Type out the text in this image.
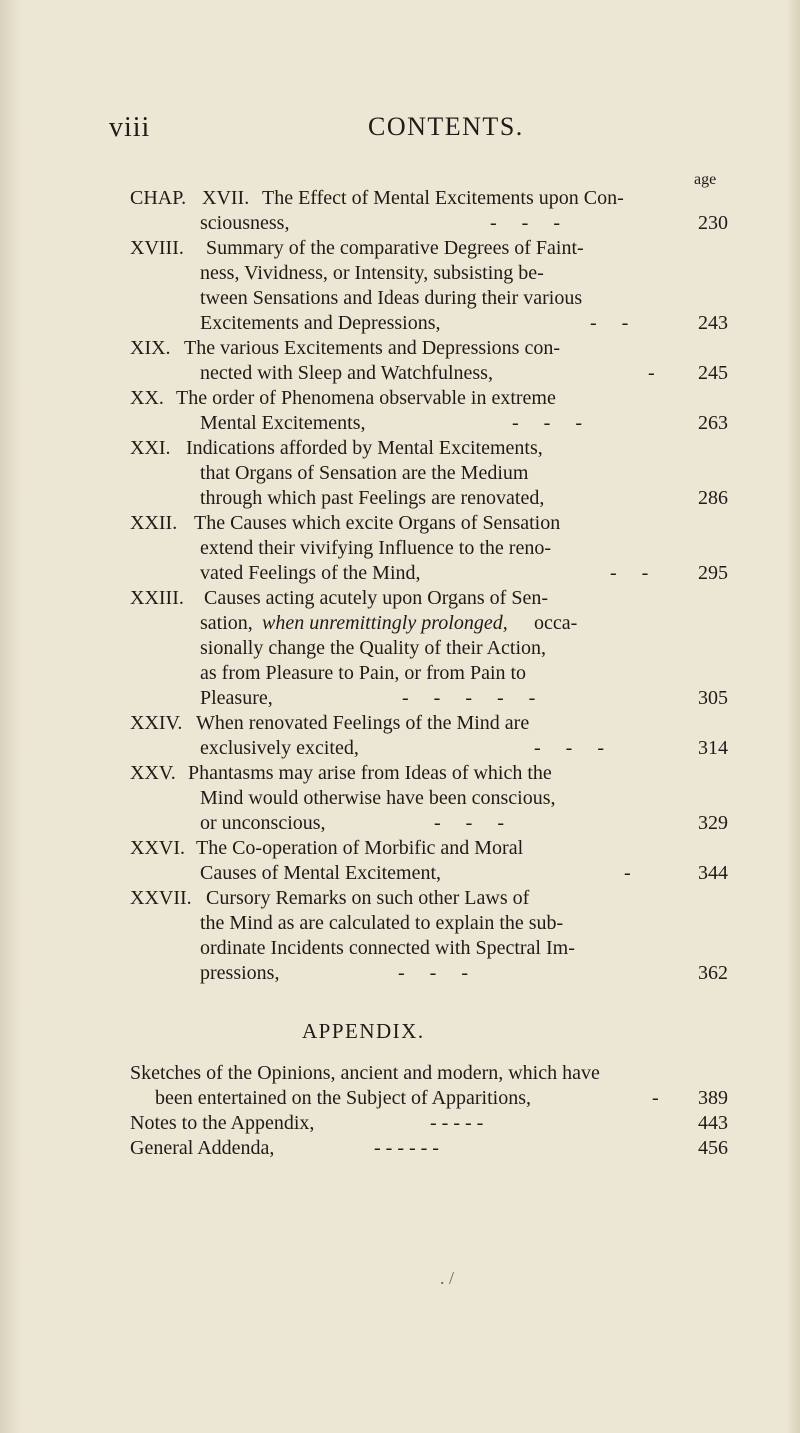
viii	CONTENTS.
age
CHAP. XVII. The Effect of Mental Excitements upon Con-
sciousness,	-     -     -	230
XVIII. Summary of the comparative Degrees of Faint-
ness, Vividness, or Intensity, subsisting be-
tween Sensations and Ideas during their various
Excitements and Depressions,	-     -	243
XIX. The various Excitements and Depressions con-
nected with Sleep and Watchfulness,	-	245
XX. The order of Phenomena observable in extreme
Mental Excitements,	-     -     -	263
XXI. Indications afforded by Mental Excitements,
that Organs of Sensation are the Medium
through which past Feelings are renovated,	286
XXII. The Causes which excite Organs of Sensation
extend their vivifying Influence to the reno-
vated Feelings of the Mind,	-     -	295
XXIII. Causes acting acutely upon Organs of Sen-
sation, when unremittingly prolonged, occa-
sionally change the Quality of their Action,
as from Pleasure to Pain, or from Pain to
Pleasure,	-     -     -     -     -	305
XXIV. When renovated Feelings of the Mind are
exclusively excited,	-     -     -	314
XXV. Phantasms may arise from Ideas of which the
Mind would otherwise have been conscious,
or unconscious,	-     -     -	329
XXVI. The Co-operation of Morbific and Moral
Causes of Mental Excitement,	-	344
XXVII. Cursory Remarks on such other Laws of
the Mind as are calculated to explain the sub-
ordinate Incidents connected with Spectral Im-
pressions,	-     -     -	362
APPENDIX.
Sketches of the Opinions, ancient and modern, which have
been entertained on the Subject of Apparitions,	-	389
Notes to the Appendix,	- - - - -	443
General Addenda,	- - - - - -	456
. /
